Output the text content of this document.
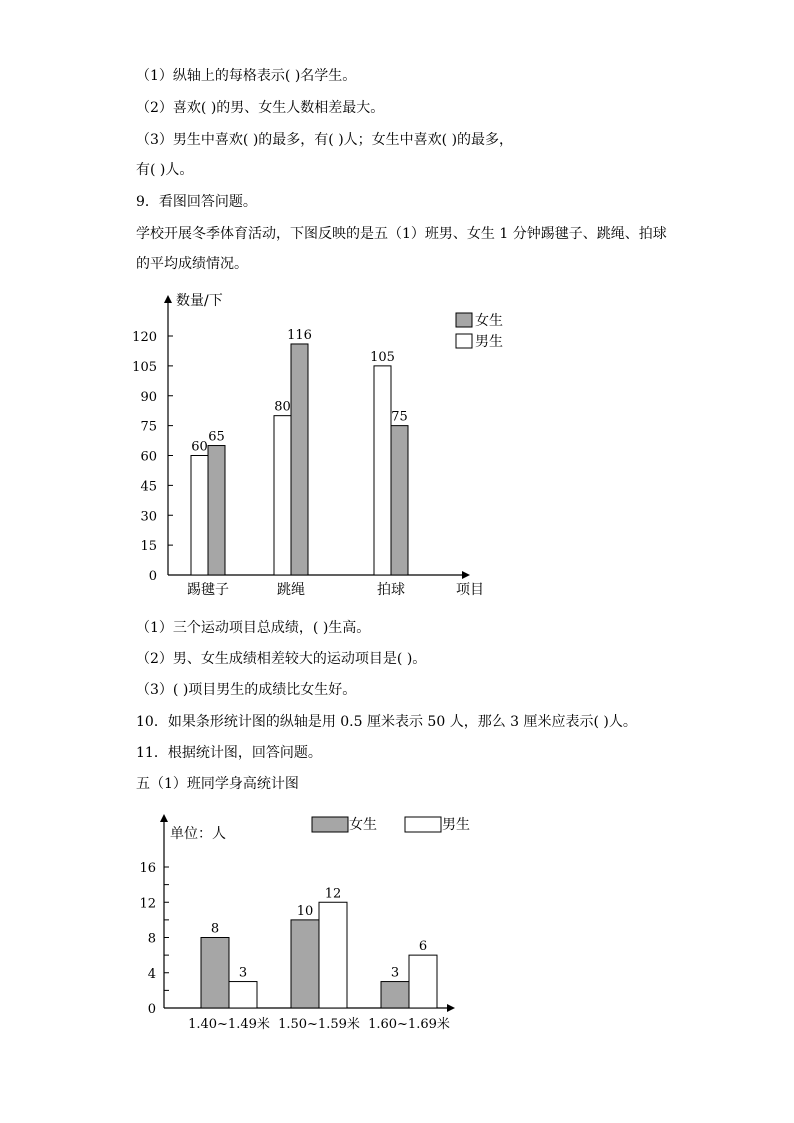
（1）纵轴上的每格表示( )名学生。
（2）喜欢( )的男、女生人数相差最大。
（3）男生中喜欢( )的最多，有( )人；女生中喜欢( )的最多，
有( )人。
9．看图回答问题。
学校开展冬季体育活动，下图反映的是五（1）班男、女生 1 分钟踢毽子、跳绳、拍球
的平均成绩情况。
数量/下
项目
0
15
30
45
60
75
90
105
120
60
65
踢毽子
80
116
跳绳
105
75
拍球
女生
男生
（1）三个运动项目总成绩，( )生高。
（2）男、女生成绩相差较大的运动项目是( )。
（3）( )项目男生的成绩比女生好。
10．如果条形统计图的纵轴是用 0.5 厘米表示 50 人，那么 3 厘米应表示( )人。
11．根据统计图，回答问题。
五（1）班同学身高统计图
单位：人
0
4
8
12
16
8
3
1.40~1.49米
10
12
1.50~1.59米
3
6
1.60~1.69米
女生	男生
